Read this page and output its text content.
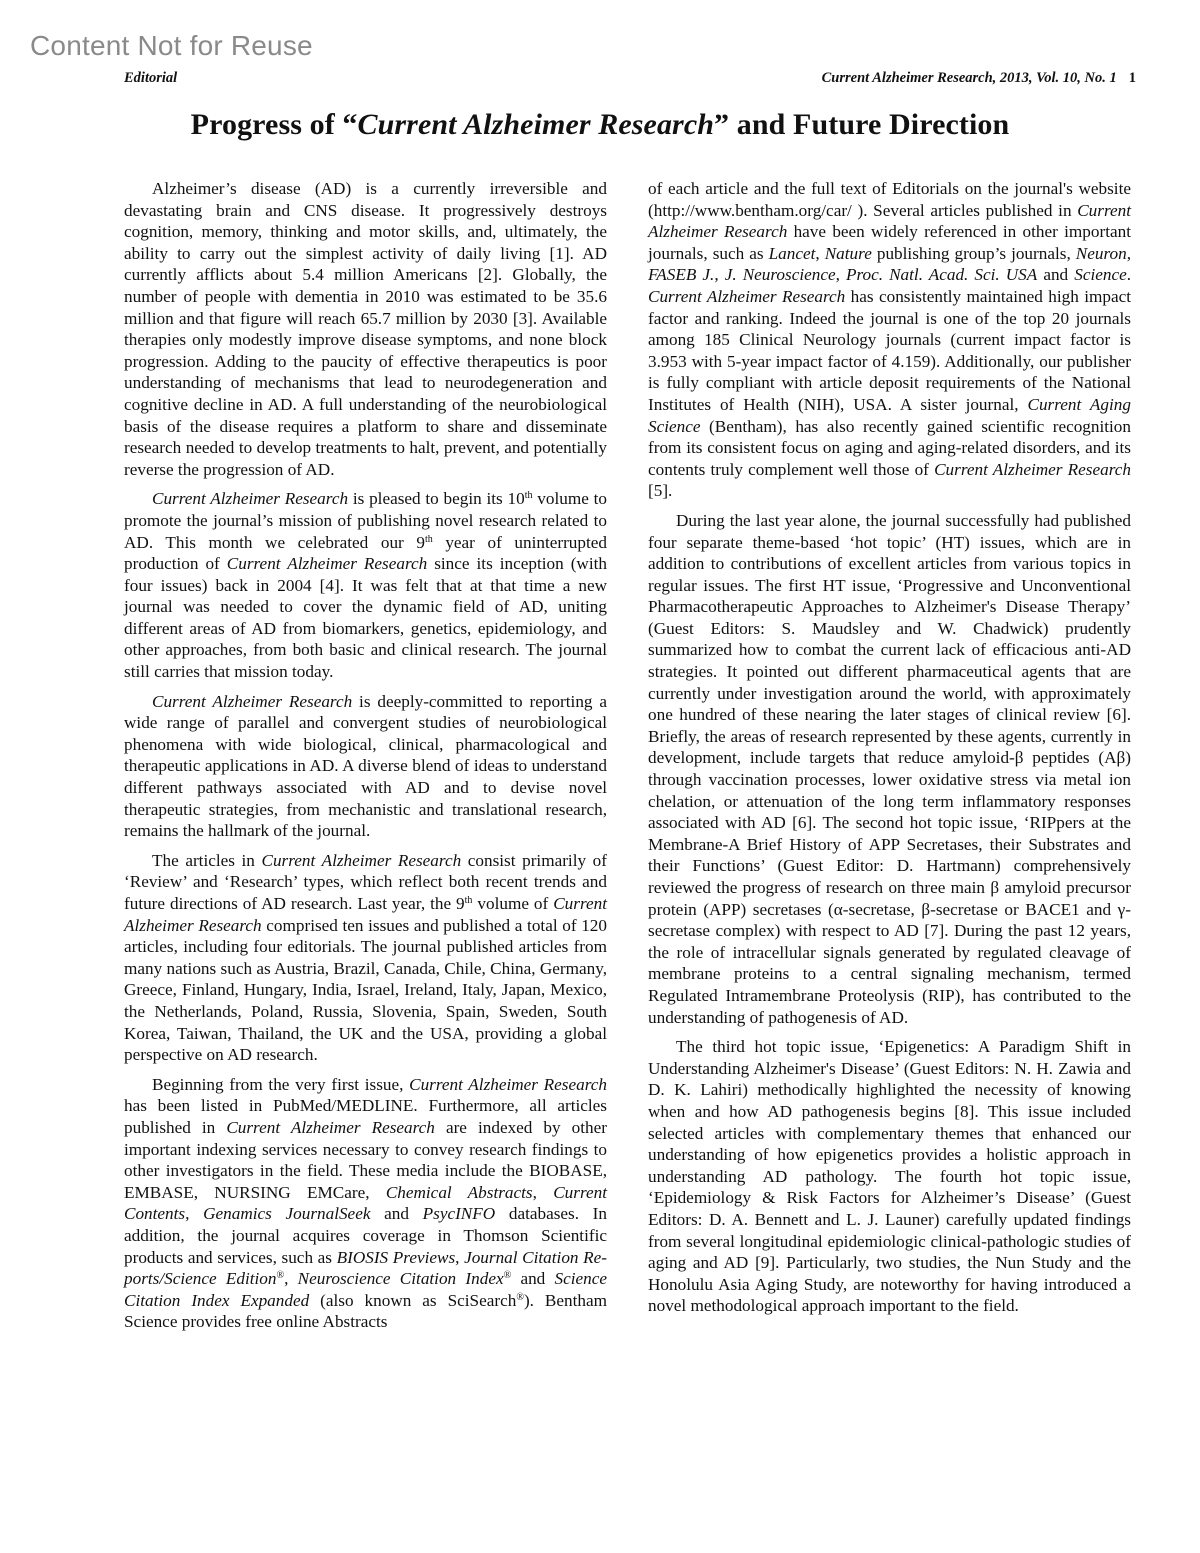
Content Not for Reuse
Editorial	Current Alzheimer Research, 2013, Vol. 10, No. 1 1
Progress of “Current Alzheimer Research” and Future Direction

Alzheimer’s disease (AD) is a currently irreversible and devastating brain and CNS disease. It progressively destroys cognition, memory, thinking and motor skills, and, ultimately, the ability to carry out the simplest activity of daily living [1]. AD currently afflicts about 5.4 million Americans [2]. Globally, the number of people with dementia in 2010 was estimated to be 35.6 million and that figure will reach 65.7 million by 2030 [3]. Available therapies only modestly improve disease symptoms, and none block progression. Adding to the paucity of effective therapeutics is poor understanding of mechanisms that lead to neurodegeneration and cognitive decline in AD. A full understanding of the neurobiological basis of the disease requires a platform to share and disseminate research needed to develop treatments to halt, prevent, and potentially reverse the progression of AD.

Current Alzheimer Research is pleased to begin its 10th volume to promote the journal’s mission of publishing novel research related to AD. This month we celebrated our 9th year of uninterrupted production of Current Alzheimer Research since its inception (with four issues) back in 2004 [4]. It was felt that at that time a new journal was needed to cover the dynamic field of AD, uniting different areas of AD from biomarkers, genetics, epidemiology, and other approaches, from both basic and clinical research. The journal still carries that mission today.

Current Alzheimer Research is deeply-committed to reporting a wide range of parallel and convergent studies of neurobiological phenomena with wide biological, clinical, pharmacological and therapeutic applications in AD. A diverse blend of ideas to understand different pathways associated with AD and to devise novel therapeutic strategies, from mechanistic and translational research, remains the hallmark of the journal.

The articles in Current Alzheimer Research consist primarily of ‘Review’ and ‘Research’ types, which reflect both recent trends and future directions of AD research. Last year, the 9th volume of Current Alzheimer Research comprised ten issues and published a total of 120 articles, including four editorials. The journal published articles from many nations such as Austria, Brazil, Canada, Chile, China, Germany, Greece, Finland, Hungary, India, Israel, Ireland, Italy, Japan, Mexico, the Netherlands, Poland, Russia, Slovenia, Spain, Sweden, South Korea, Taiwan, Thailand, the UK and the USA, providing a global perspective on AD research.

Beginning from the very first issue, Current Alzheimer Research has been listed in PubMed/MEDLINE. Furthermore, all articles published in Current Alzheimer Research are indexed by other important indexing services necessary to convey research findings to other investigators in the field. These media include the BIOBASE, EMBASE, NURSING EMCare, Chemical Abstracts, Current Contents, Genamics JournalSeek and PsycINFO databases. In addition, the journal acquires coverage in Thomson Scientific products and services, such as BIOSIS Previews, Journal Citation Reports/Science Edition®, Neuroscience Citation Index® and Science Citation Index Expanded (also known as SciSearch®). Bentham Science provides free online Abstracts

of each article and the full text of Editorials on the journal's website (http://www.bentham.org/car/ ). Several articles published in Current Alzheimer Research have been widely referenced in other important journals, such as Lancet, Nature publishing group’s journals, Neuron, FASEB J., J. Neuroscience, Proc. Natl. Acad. Sci. USA and Science. Current Alzheimer Research has consistently maintained high impact factor and ranking. Indeed the journal is one of the top 20 journals among 185 Clinical Neurology journals (current impact factor is 3.953 with 5-year impact factor of 4.159). Additionally, our publisher is fully compliant with article deposit requirements of the National Institutes of Health (NIH), USA. A sister journal, Current Aging Science (Bentham), has also recently gained scientific recognition from its consistent focus on aging and aging-related disorders, and its contents truly complement well those of Current Alzheimer Research [5].

During the last year alone, the journal successfully had published four separate theme-based ‘hot topic’ (HT) issues, which are in addition to contributions of excellent articles from various topics in regular issues. The first HT issue, ‘Progressive and Unconventional Pharmacotherapeutic Approaches to Alzheimer's Disease Therapy’ (Guest Editors: S. Maudsley and W. Chadwick) prudently summarized how to combat the current lack of efficacious anti-AD strategies. It pointed out different pharmaceutical agents that are currently under investigation around the world, with approximately one hundred of these nearing the later stages of clinical review [6]. Briefly, the areas of research represented by these agents, currently in development, include targets that reduce amyloid-β peptides (Aβ) through vaccination processes, lower oxidative stress via metal ion chelation, or attenuation of the long term inflammatory responses associated with AD [6]. The second hot topic issue, ‘RIPpers at the Membrane-A Brief History of APP Secretases, their Substrates and their Functions’ (Guest Editor: D. Hartmann) comprehensively reviewed the progress of research on three main β amyloid precursor protein (APP) secretases (α-secretase, β-secretase or BACE1 and γ-secretase complex) with respect to AD [7]. During the past 12 years, the role of intracellular signals generated by regulated cleavage of membrane proteins to a central signaling mechanism, termed Regulated Intramembrane Proteolysis (RIP), has contributed to the understanding of pathogenesis of AD.

The third hot topic issue, ‘Epigenetics: A Paradigm Shift in Understanding Alzheimer's Disease’ (Guest Editors: N. H. Zawia and D. K. Lahiri) methodically highlighted the necessity of knowing when and how AD pathogenesis begins [8]. This issue included selected articles with complementary themes that enhanced our understanding of how epigenetics provides a holistic approach in understanding AD pathology. The fourth hot topic issue, ‘Epidemiology & Risk Factors for Alzheimer’s Disease’ (Guest Editors: D. A. Bennett and L. J. Launer) carefully updated findings from several longitudinal epidemiologic clinical-pathologic studies of aging and AD [9]. Particularly, two studies, the Nun Study and the Honolulu Asia Aging Study, are noteworthy for having introduced a novel methodological approach important to the field.
